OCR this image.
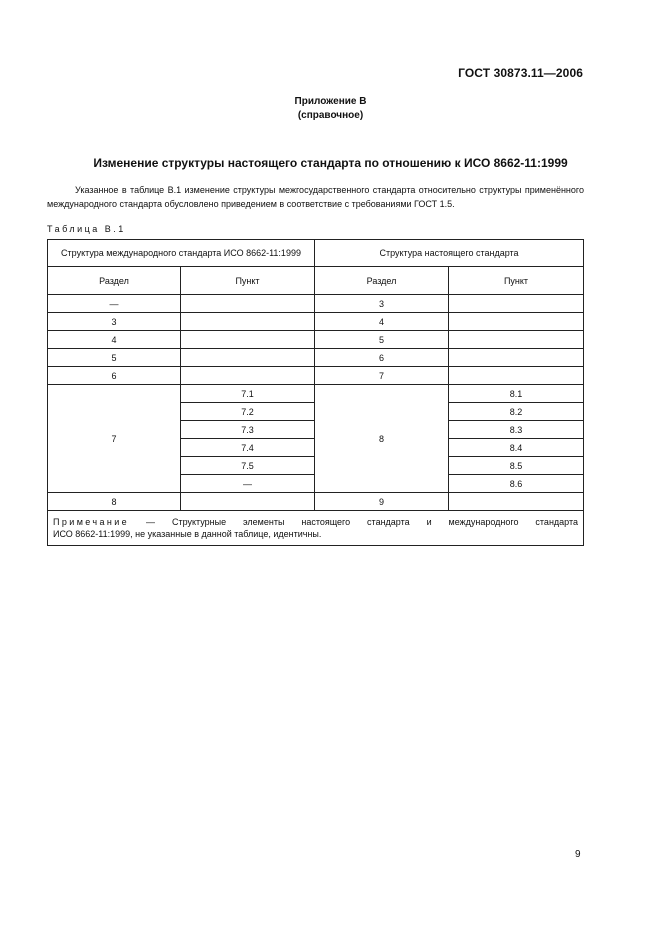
ГОСТ 30873.11—2006
Приложение В
(справочное)
Изменение структуры настоящего стандарта по отношению к ИСО 8662-11:1999

Указанное в таблице В.1 изменение структуры межгосударственного стандарта относительно структуры применённого международного стандарта обусловлено приведением в соответствие с требованиями ГОСТ 1.5.

Таблица В.1
Структура международного стандарта ИСО 8662-11:1999		Структура настоящего стандарта	
Раздел	Пункт	Раздел	Пункт
—		3	
3		4	
4		5	
5		6	
6		7	
7	7.1	8	8.1
	7.2		8.2
	7.3		8.3
	7.4		8.4
	7.5		8.5
	—		8.6
8		9	

Примечание — Структурные элементы настоящего стандарта и международного стандарта
ИСО 8662-11:1999, не указанные в данной таблице, идентичны.			
9
